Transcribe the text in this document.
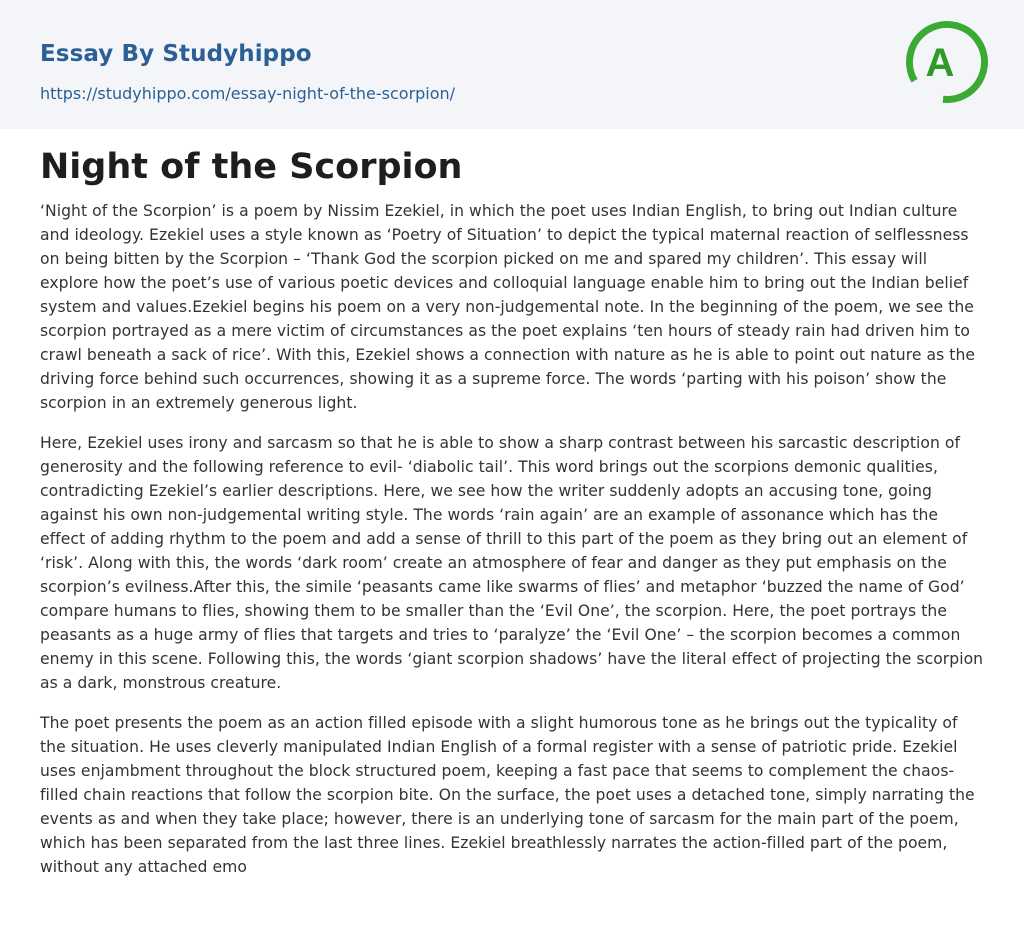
Essay By Studyhippo
https://studyhippo.com/essay-night-of-the-scorpion/
A
Night of the Scorpion

‘Night of the Scorpion’ is a poem by Nissim Ezekiel, in which the poet uses Indian English, to bring out Indian culture and ideology. Ezekiel uses a style known as ‘Poetry of Situation’ to depict the typical maternal reaction of selflessness on being bitten by the Scorpion – ‘Thank God the scorpion picked on me and spared my children’. This essay will explore how the poet’s use of various poetic devices and colloquial language enable him to bring out the Indian belief system and values.Ezekiel begins his poem on a very non-judgemental note. In the beginning of the poem, we see the scorpion portrayed as a mere victim of circumstances as the poet explains ‘ten hours of steady rain had driven him to crawl beneath a sack of rice’. With this, Ezekiel shows a connection with nature as he is able to point out nature as the driving force behind such occurrences, showing it as a supreme force. The words ‘parting with his poison’ show the scorpion in an extremely generous light.

Here, Ezekiel uses irony and sarcasm so that he is able to show a sharp contrast between his sarcastic description of generosity and the following reference to evil- ‘diabolic tail’. This word brings out the scorpions demonic qualities, contradicting Ezekiel’s earlier descriptions. Here, we see how the writer suddenly adopts an accusing tone, going against his own non-judgemental writing style. The words ‘rain again’ are an example of assonance which has the effect of adding rhythm to the poem and add a sense of thrill to this part of the poem as they bring out an element of ‘risk’. Along with this, the words ‘dark room’ create an atmosphere of fear and danger as they put emphasis on the scorpion’s evilness.After this, the simile ‘peasants came like swarms of flies’ and metaphor ‘buzzed the name of God’ compare humans to flies, showing them to be smaller than the ‘Evil One’, the scorpion. Here, the poet portrays the peasants as a huge army of flies that targets and tries to ‘paralyze’ the ‘Evil One’ – the scorpion becomes a common enemy in this scene. Following this, the words ‘giant scorpion shadows’ have the literal effect of projecting the scorpion as a dark, monstrous creature.

The poet presents the poem as an action filled episode with a slight humorous tone as he brings out the typicality of the situation. He uses cleverly manipulated Indian English of a formal register with a sense of patriotic pride. Ezekiel uses enjambment throughout the block structured poem, keeping a fast pace that seems to complement the chaos-filled chain reactions that follow the scorpion bite. On the surface, the poet uses a detached tone, simply narrating the events as and when they take place; however, there is an underlying tone of sarcasm for the main part of the poem, which has been separated from the last three lines. Ezekiel breathlessly narrates the action-filled part of the poem, without any attached emo
